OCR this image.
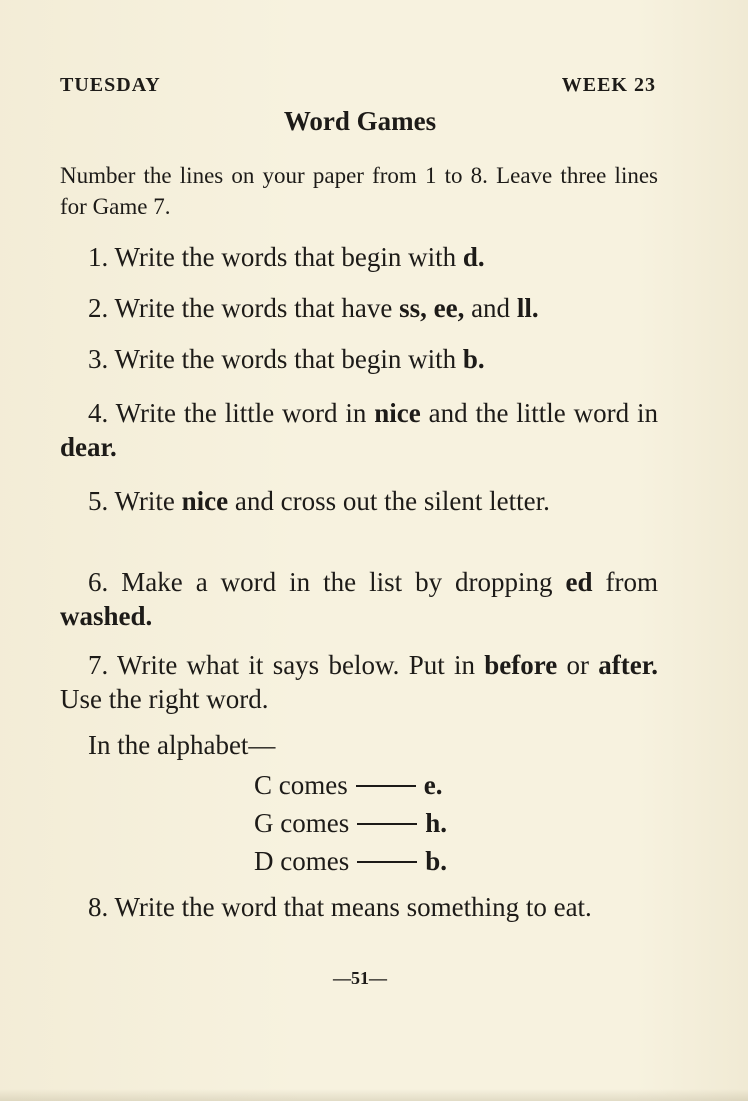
TUESDAY	WEEK 23
Word Games
Number the lines on your paper from 1 to 8. Leave three lines for Game 7.
1. Write the words that begin with d.
2. Write the words that have ss, ee, and ll.
3. Write the words that begin with b.
4. Write the little word in nice and the little word in dear.
5. Write nice and cross out the silent letter.
6. Make a word in the list by dropping ed from washed.
7. Write what it says below. Put in before or after. Use the right word.
In the alphabet—
C comes	e.
G comes	h.
D comes	b.
8. Write the word that means something to eat.
—51—
